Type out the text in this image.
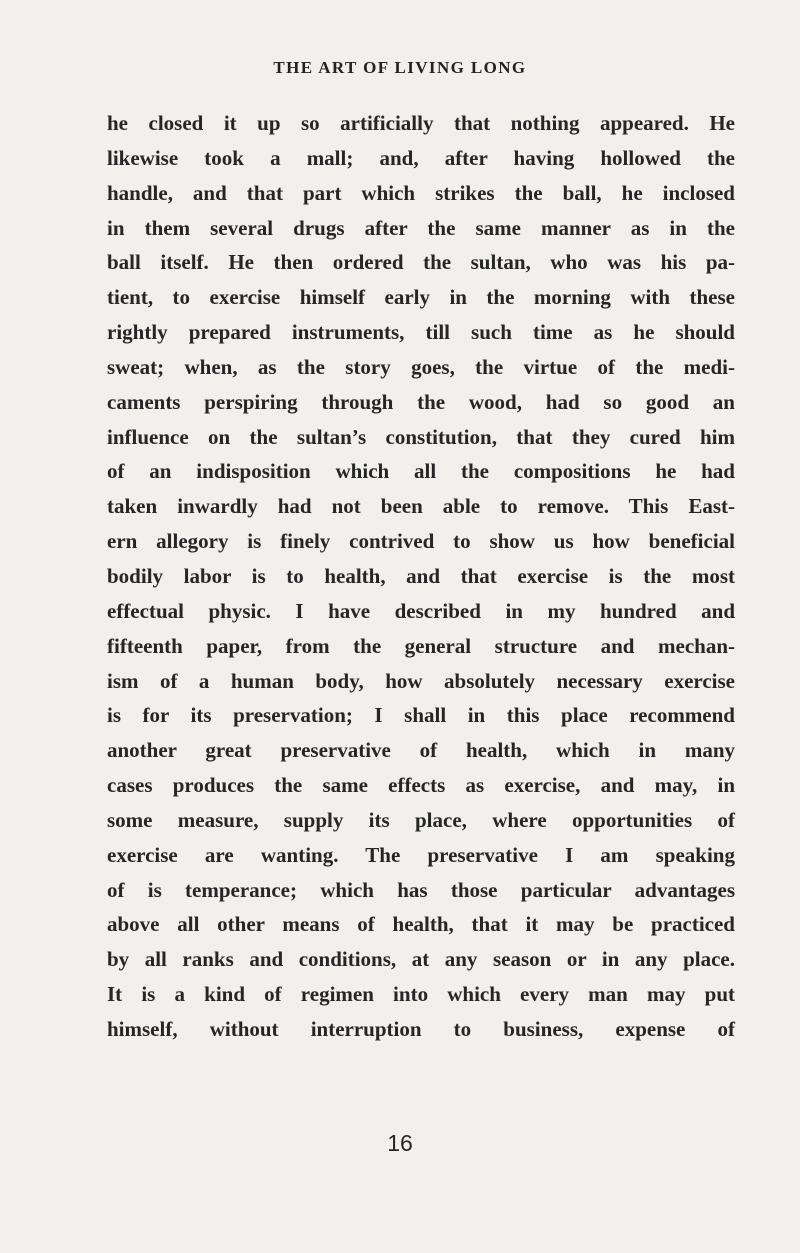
THE ART OF LIVING LONG
he closed it up so artificially that nothing appeared. He
likewise took a mall; and, after having hollowed the
handle, and that part which strikes the ball, he inclosed
in them several drugs after the same manner as in the
ball itself. He then ordered the sultan, who was his pa-
tient, to exercise himself early in the morning with these
rightly prepared instruments, till such time as he should
sweat; when, as the story goes, the virtue of the medi-
caments perspiring through the wood, had so good an
influence on the sultan’s constitution, that they cured him
of an indisposition which all the compositions he had
taken inwardly had not been able to remove. This East-
ern allegory is finely contrived to show us how beneficial
bodily labor is to health, and that exercise is the most
effectual physic. I have described in my hundred and
fifteenth paper, from the general structure and mechan-
ism of a human body, how absolutely necessary exercise
is for its preservation; I shall in this place recommend
another great preservative of health, which in many
cases produces the same effects as exercise, and may, in
some measure, supply its place, where opportunities of
exercise are wanting. The preservative I am speaking
of is temperance; which has those particular advantages
above all other means of health, that it may be practiced
by all ranks and conditions, at any season or in any place.
It is a kind of regimen into which every man may put
himself, without interruption to business, expense of
16
